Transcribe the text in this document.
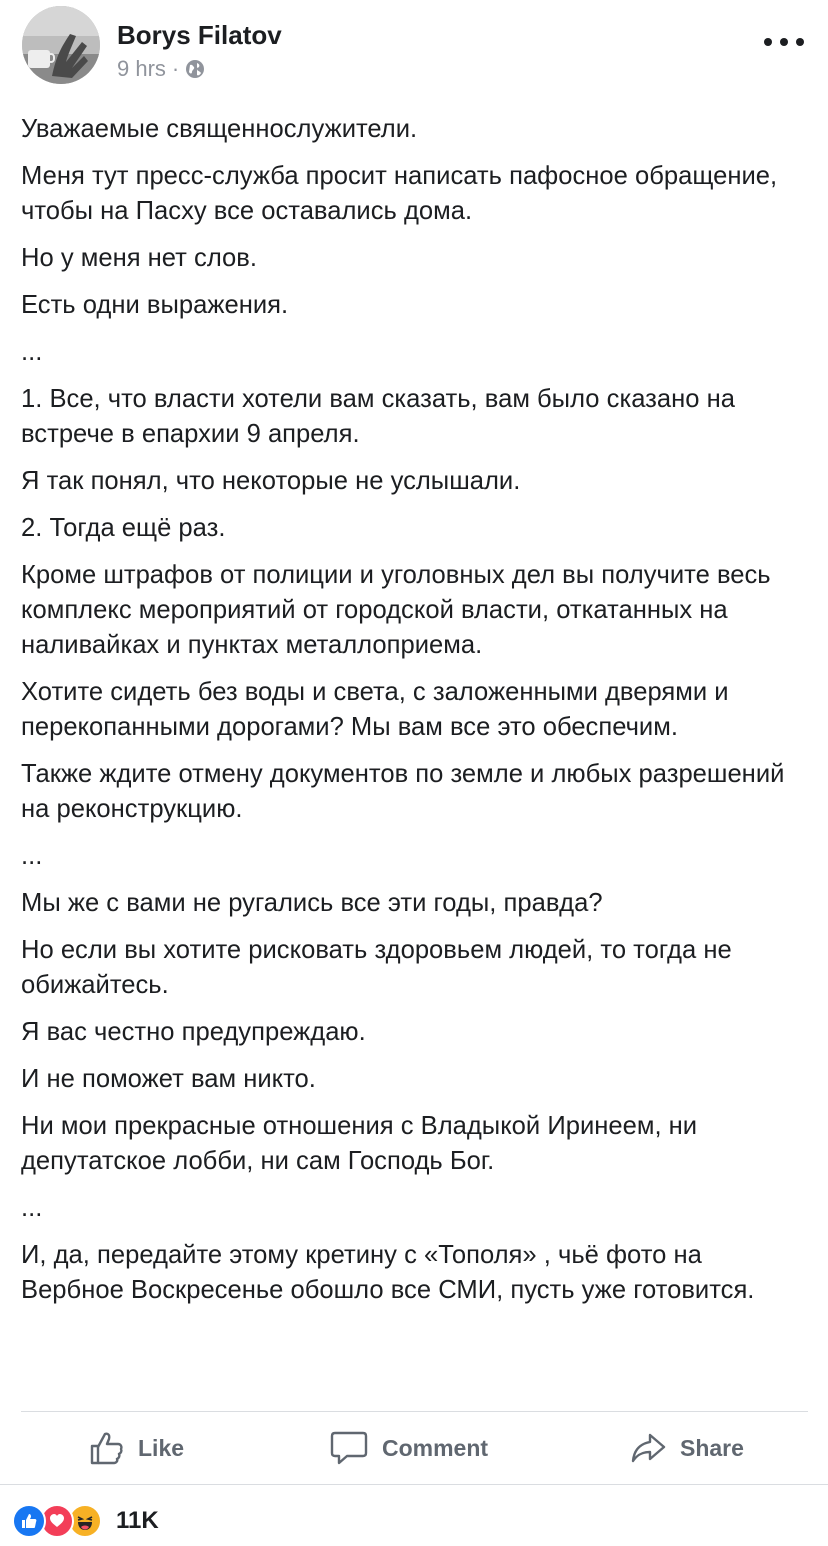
Borys Filatov
9 hrs ·

Уважаемые священнослужители.

Меня тут пресс-служба просит написать пафосное обращение, чтобы на Пасху все оставались дома.

Но у меня нет слов.

Есть одни выражения.

...

1. Все, что власти хотели вам сказать, вам было сказано на встрече в епархии 9 апреля.

Я так понял, что некоторые не услышали.

2. Тогда ещё раз.

Кроме штрафов от полиции и уголовных дел вы получите весь комплекс мероприятий от городской власти, откатанных на наливайках и пунктах металлоприема.

Хотите сидеть без воды и света, с заложенными дверями и перекопанными дорогами? Мы вам все это обеспечим.

Также ждите отмену документов по земле и любых разрешений на реконструкцию.

...

Мы же с вами не ругались все эти годы, правда?

Но если вы хотите рисковать здоровьем людей, то тогда не обижайтесь.

Я вас честно предупреждаю.

И не поможет вам никто.

Ни мои прекрасные отношения с Владыкой Иринеем, ни депутатское лобби, ни сам Господь Бог.

...

И, да, передайте этому кретину с «Тополя» , чьё фото на Вербное Воскресенье обошло все СМИ, пусть уже готовится.

Like	Comment	Share
11K
